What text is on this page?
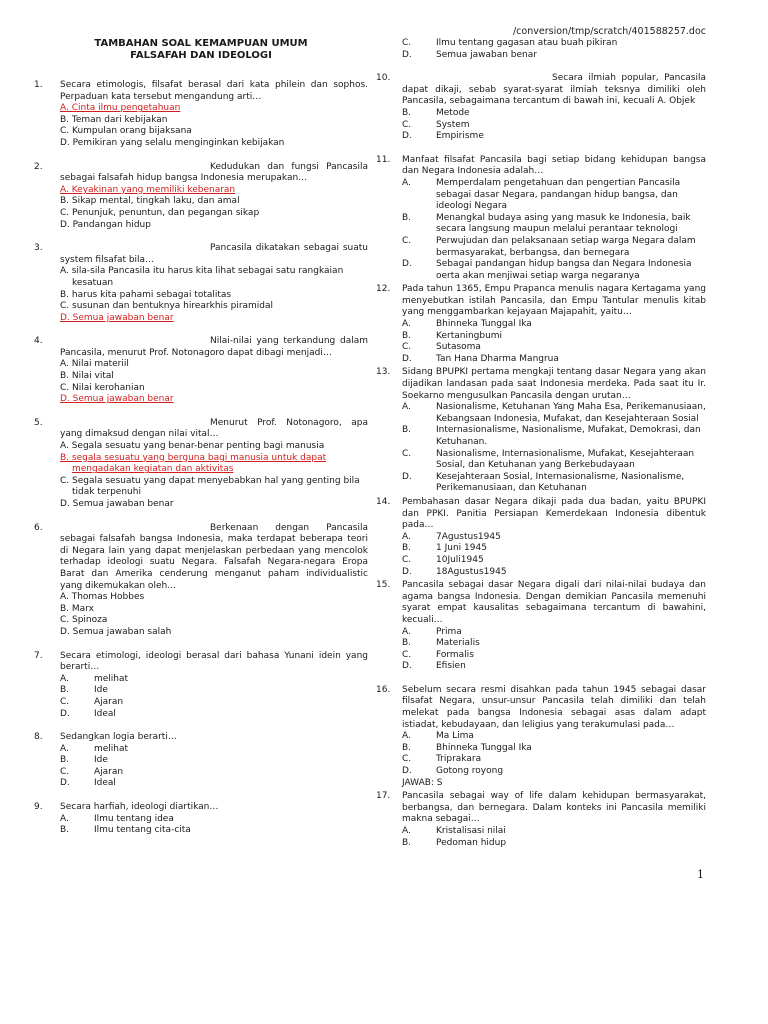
/conversion/tmp/scratch/401588257.doc
TAMBAHAN SOAL KEMAMPUAN UMUM
FALSAFAH DAN IDEOLOGI
1.	Secara etimologis, filsafat berasal dari kata philein dan sophos. Perpaduan kata tersebut mengandung arti…
A. Cinta ilmu pengetahuan
B. Teman dari kebijakan
C. Kumpulan orang bijaksana
D. Pemikiran yang selalu menginginkan kebijakan
2.	Kedudukan dan fungsi Pancasila sebagai falsafah hidup bangsa Indonesia merupakan…
A. Keyakinan yang memiliki kebenaran
B. Sikap mental, tingkah laku, dan amal
C. Penunjuk, penuntun, dan pegangan sikap
D. Pandangan hidup
3.	Pancasila dikatakan sebagai suatu system filsafat bila…
A. sila-sila Pancasila itu harus kita lihat sebagai satu rangkaian kesatuan
B. harus kita pahami sebagai totalitas
C. susunan dan bentuknya hirearkhis piramidal
D. Semua jawaban benar
4.	Nilai-nilai yang terkandung dalam Pancasila, menurut Prof. Notonagoro dapat dibagi menjadi…
A. Nilai materiil
B. Nilai vital
C. Nilai kerohanian
D. Semua jawaban benar
5.	Menurut Prof. Notonagoro, apa yang dimaksud dengan nilai vital…
A. Segala sesuatu yang benar-benar penting bagi manusia
B. segala sesuatu yang berguna bagi manusia untuk dapat mengadakan kegiatan dan aktivitas
C. Segala sesuatu yang dapat menyebabkan hal yang genting bila tidak terpenuhi
D. Semua jawaban benar
6.	Berkenaan dengan Pancasila sebagai falsafah bangsa Indonesia, maka terdapat beberapa teori di Negara lain yang dapat menjelaskan perbedaan yang mencolok terhadap ideologi suatu Negara. Falsafah Negara-negara Eropa Barat dan Amerika cenderung menganut paham individualistic yang dikemukakan oleh…
A. Thomas Hobbes
B. Marx
C. Spinoza
D. Semua jawaban salah
7.	Secara etimologi, ideologi berasal dari bahasa Yunani idein yang berarti…
A.	melihat
B.	Ide
C.	Ajaran
D.	Ideal
8.	Sedangkan logia berarti…
A.	melihat
B.	Ide
C.	Ajaran
D.	Ideal
9.	Secara harfiah, ideologi diartikan…
A.	Ilmu tentang idea
B.	Ilmu tentang cita-cita
C.	Ilmu tentang gagasan atau buah pikiran
D.	Semua jawaban benar
10.	Secara ilmiah popular, Pancasila dapat dikaji, sebab syarat-syarat ilmiah teksnya dimiliki oleh Pancasila, sebagaimana tercantum di bawah ini, kecuali A. Objek
B.	Metode
C.	System
D.	Empirisme
11.	Manfaat filsafat Pancasila bagi setiap bidang kehidupan bangsa dan Negara Indonesia adalah…
A.	Memperdalam pengetahuan dan pengertian Pancasila sebagai dasar Negara, pandangan hidup bangsa, dan ideologi Negara
B.	Menangkal budaya asing yang masuk ke Indonesia, baik secara langsung maupun melalui perantaar teknologi
C.	Perwujudan dan pelaksanaan setiap warga Negara dalam bermasyarakat, berbangsa, dan bernegara
D.	Sebagai pandangan hidup bangsa dan Negara Indonesia oerta akan menjiwai setiap warga negaranya
12.	Pada tahun 1365, Empu Prapanca menulis nagara Kertagama yang menyebutkan istilah Pancasila, dan Empu Tantular menulis kitab yang menggambarkan kejayaan Majapahit, yaitu…
A.	Bhinneka Tunggal Ika
B.	Kertaningbumi
C.	Sutasoma
D.	Tan Hana Dharma Mangrua
13.	Sidang BPUPKI pertama mengkaji tentang dasar Negara yang akan dijadikan landasan pada saat Indonesia merdeka. Pada saat itu Ir. Soekarno mengusulkan Pancasila dengan urutan…
A.	Nasionalisme, Ketuhanan Yang Maha Esa, Perikemanusiaan, Kebangsaan Indonesia, Mufakat, dan Kesejahteraan Sosial
B.	Internasionalisme, Nasionalisme, Mufakat, Demokrasi, dan Ketuhanan.
C.	Nasionalisme, Internasionalisme, Mufakat, Kesejahteraan Sosial, dan Ketuhanan yang Berkebudayaan
D.	Kesejahteraan Sosial, Internasionalisme, Nasionalisme, Perikemanusiaan, dan Ketuhanan
14.	Pembahasan dasar Negara dikaji pada dua badan, yaitu BPUPKI dan PPKI. Panitia Persiapan Kemerdekaan Indonesia dibentuk pada…
A.	7Agustus1945
B.	1 Juni 1945
C.	10Juli1945
D.	18Agustus1945
15.	Pancasila sebagai dasar Negara digali dari nilai-nilai budaya dan agama bangsa Indonesia. Dengan demikian Pancasila memenuhi syarat empat kausalitas sebagaimana tercantum di bawahini, kecuali…
A.	Prima
B.	Materialis
C.	Formalis
D.	Efisien
16.	Sebelum secara resmi disahkan pada tahun 1945 sebagai dasar filsafat Negara, unsur-unsur Pancasila telah dimiliki dan telah melekat pada bangsa Indonesia sebagai asas dalam adapt istiadat, kebudayaan, dan leligius yang terakumulasi pada…
A.	Ma Lima
B.	Bhinneka Tunggal Ika
C.	Triprakara
D.	Gotong royong
JAWAB: S
17.	Pancasila sebagai way of life dalam kehidupan bermasyarakat, berbangsa, dan bernegara. Dalam konteks ini Pancasila memiliki makna sebagai…
A.	Kristalisasi nilai
B.	Pedoman hidup
1
